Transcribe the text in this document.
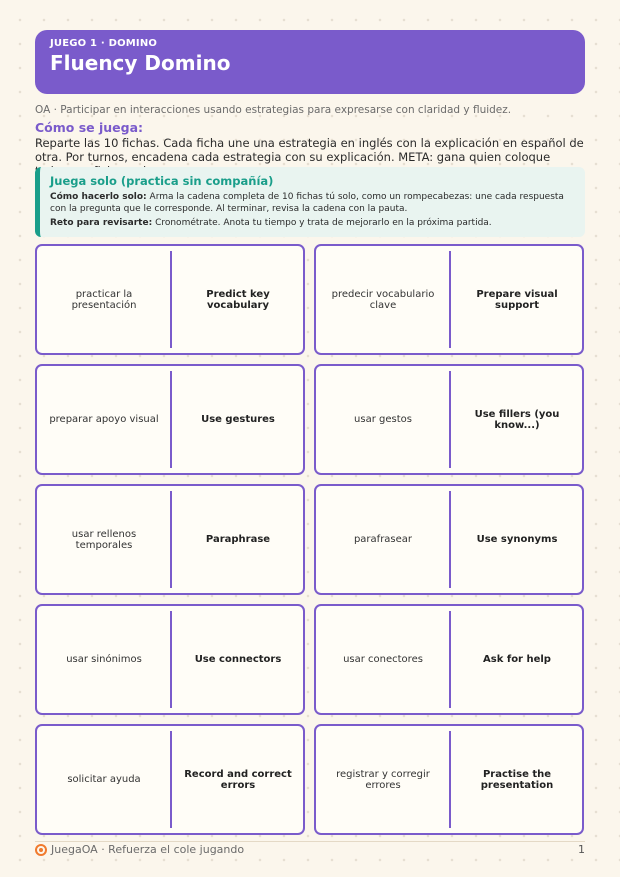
JUEGO 1 · DOMINO
Fluency Domino
OA · Participar en interacciones usando estrategias para expresarse con claridad y fluidez.
Cómo se juega:
Reparte las 10 fichas. Cada ficha une una estrategia en inglés con la explicación en español de otra. Por turnos, encadena cada estrategia con su explicación. META: gana quien coloque
Juega solo (practica sin compañía)

Cómo hacerlo solo: Arma la cadena completa de 10 fichas tú solo, como un rompecabezas: une cada respuesta con la pregunta que le corresponde. Al terminar, revisa la cadena con la pauta.

Reto para revisarte: Cronométrate. Anota tu tiempo y trata de mejorarlo en la próxima partida.

practicar la presentación
Predict key vocabulary
predecir vocabulario clave
Prepare visual support
preparar apoyo visual	Use gestures	usar gestos	Use fillers (you know...)
usar rellenos temporales	Paraphrase	parafrasear	Use synonyms
usar sinónimos	Use connectors	usar conectores	Ask for help
solicitar ayuda	Record and correct errors
registrar y corregir errores
Practise the presentation
JuegaOA · Refuerza el cole jugando	1
